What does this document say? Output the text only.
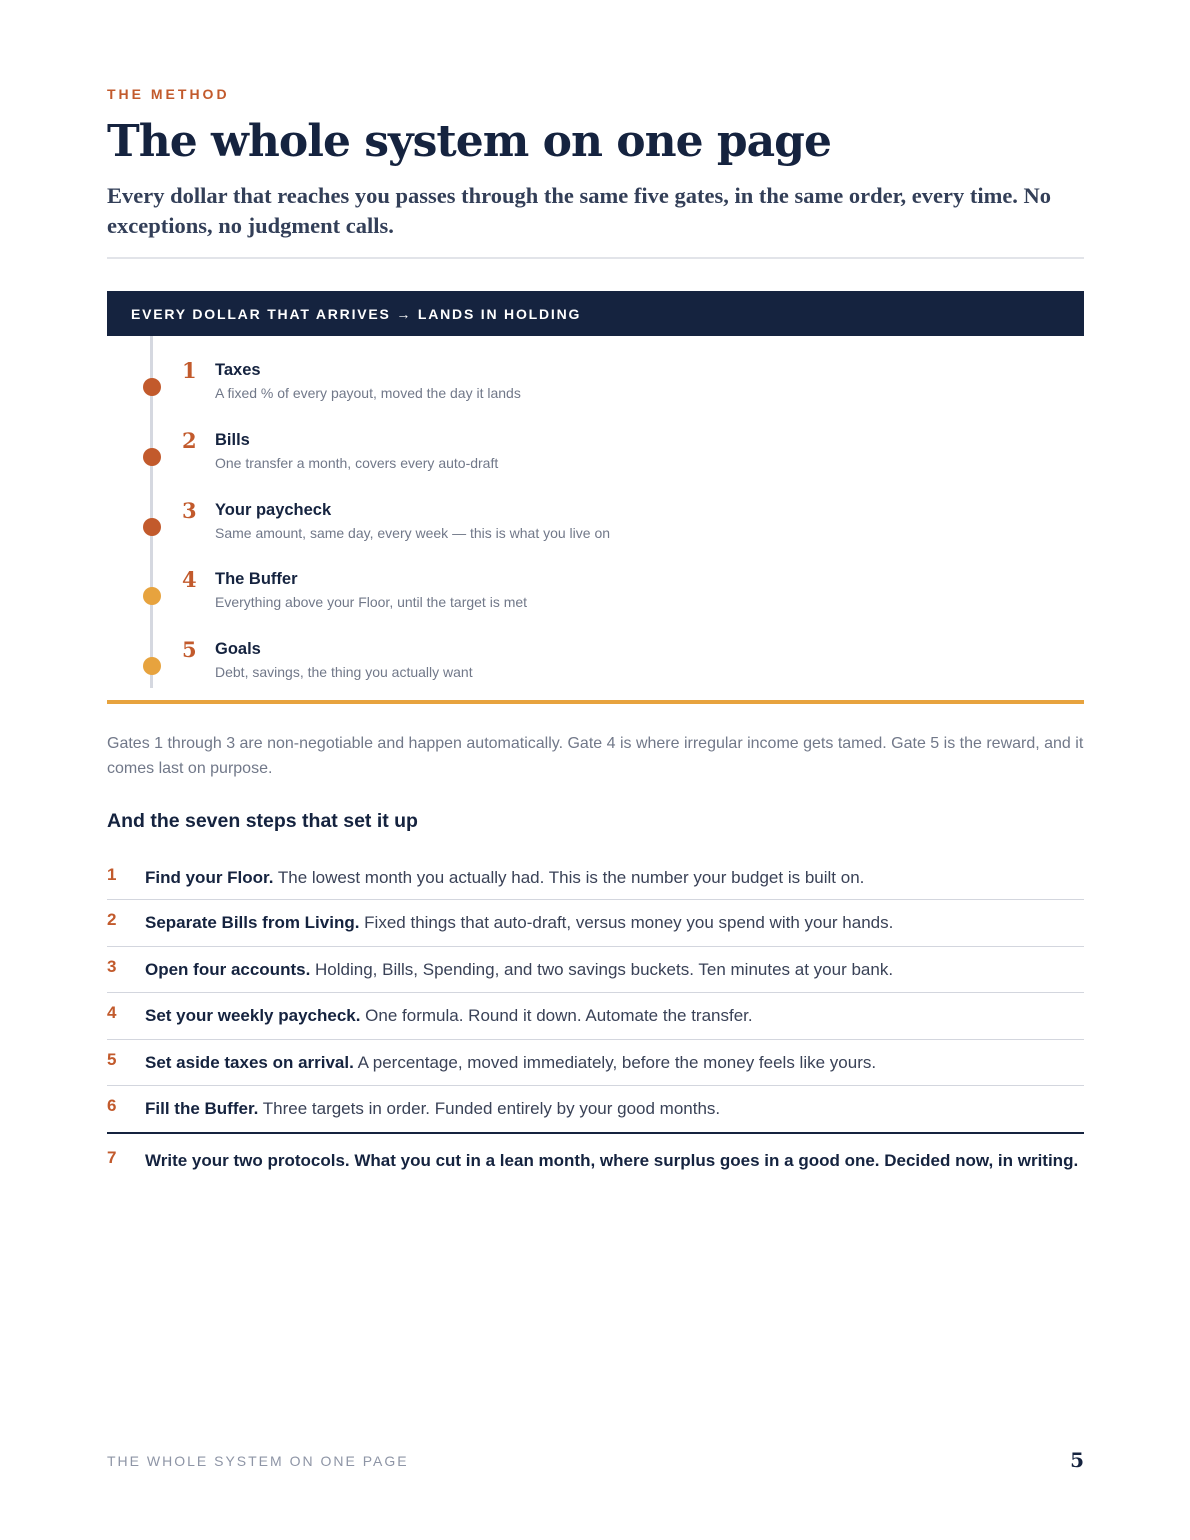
THE METHOD
The whole system on one page

Every dollar that reaches you passes through the same five gates, in the same order, every time. No exceptions, no judgment calls.

EVERY DOLLAR THAT ARRIVES → LANDS IN HOLDING
1 Taxes
A fixed % of every payout, moved the day it lands
2 Bills
One transfer a month, covers every auto-draft
3 Your paycheck
Same amount, same day, every week — this is what you live on
4 The Buffer
Everything above your Floor, until the target is met
5 Goals
Debt, savings, the thing you actually want

Gates 1 through 3 are non-negotiable and happen automatically. Gate 4 is where irregular income gets tamed. Gate 5 is the reward, and it comes last on purpose.

And the seven steps that set it up
1 Find your Floor. The lowest month you actually had. This is the number your budget is built on.
2 Separate Bills from Living. Fixed things that auto-draft, versus money you spend with your hands.
3 Open four accounts. Holding, Bills, Spending, and two savings buckets. Ten minutes at your bank.
4 Set your weekly paycheck. One formula. Round it down. Automate the transfer.
5 Set aside taxes on arrival. A percentage, moved immediately, before the money feels like yours.
6 Fill the Buffer. Three targets in order. Funded entirely by your good months.
7 Write your two protocols. What you cut in a lean month, where surplus goes in a good one. Decided now, in writing.
THE WHOLE SYSTEM ON ONE PAGE	5
